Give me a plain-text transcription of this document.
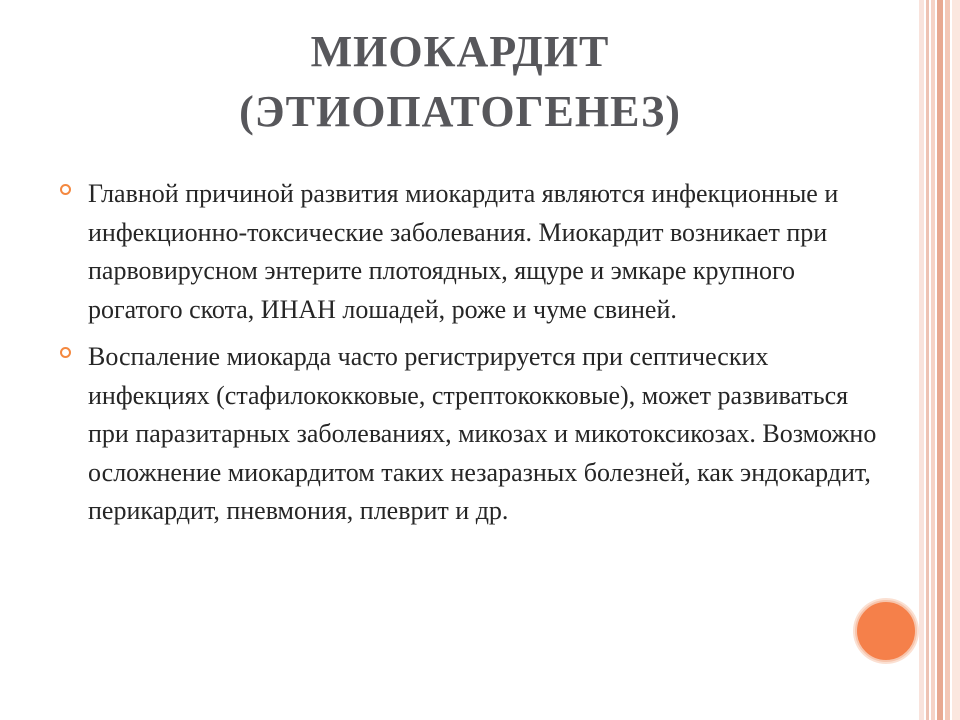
МИОКАРДИТ
(ЭТИОПАТОГЕНЕЗ)
Главной причиной развития миокардита являются инфекционные и инфекционно-токсические заболевания. Миокардит возникает при парвовирусном энтерите плотоядных, ящуре и эмкаре крупного рогатого скота, ИНАН лошадей, роже и чуме свиней.
Воспаление миокарда часто регистрируется при септических инфекциях (стафилококковые, стрептококковые), может развиваться при паразитарных заболеваниях, микозах и микотоксикозах. Возможно осложнение миокардитом таких незаразных болезней, как эндокардит, перикардит, пневмония, плеврит и др.
